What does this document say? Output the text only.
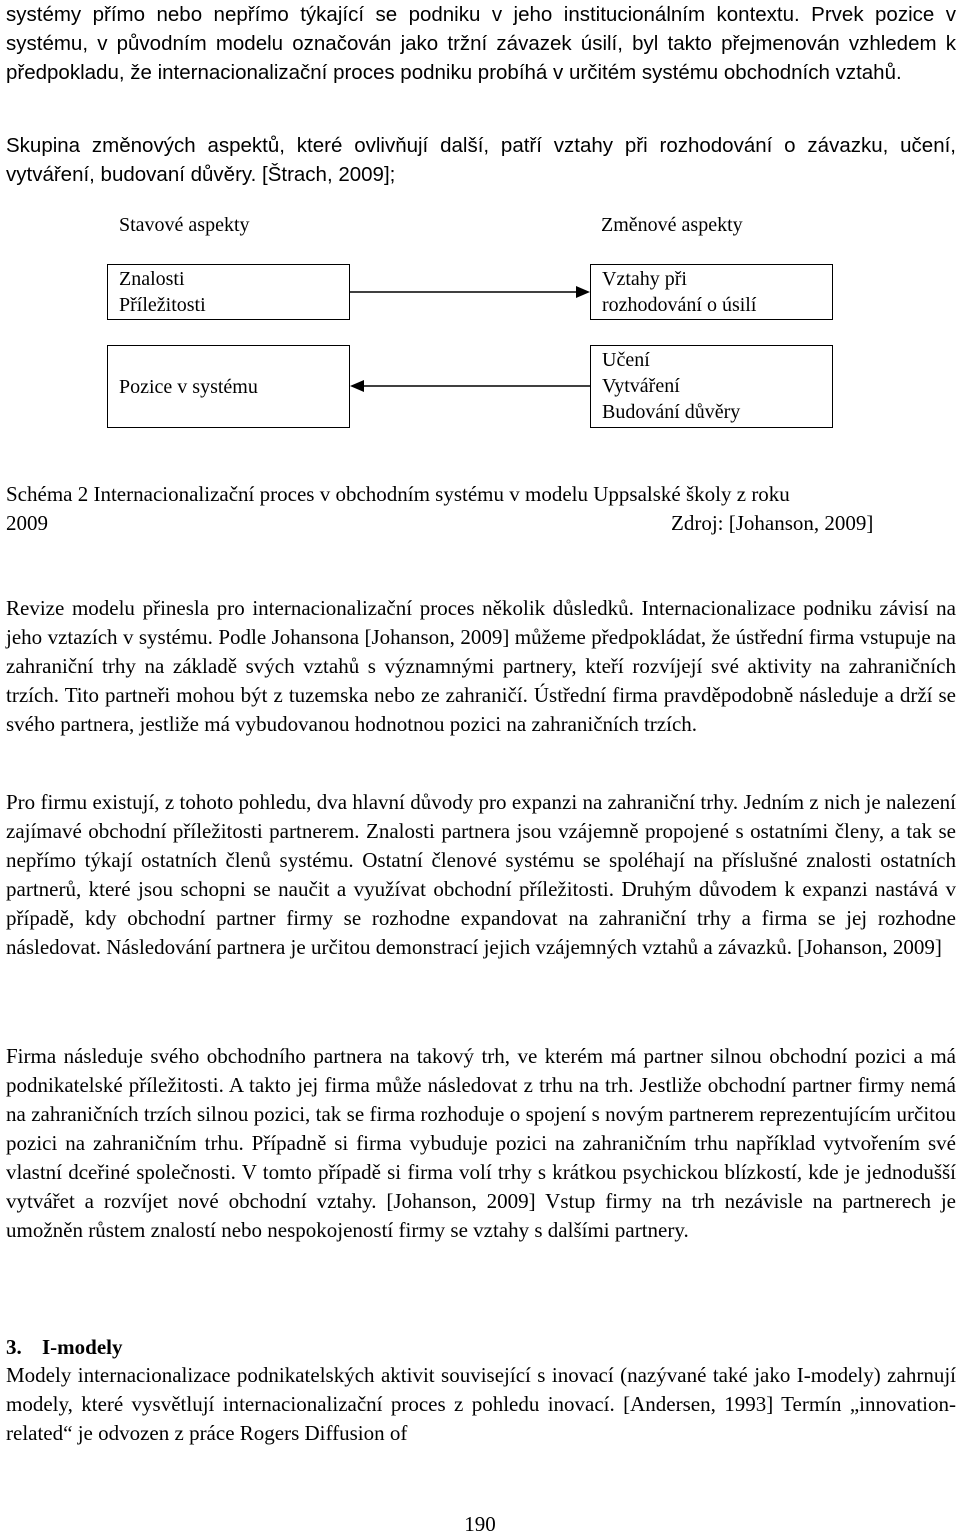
systémy přímo nebo nepřímo týkající se podniku v jeho institucionálním kontextu. Prvek pozice v systému, v původním modelu označován jako tržní závazek úsilí, byl takto přejmenován vzhledem k předpokladu, že internacionalizační proces podniku probíhá v určitém systému obchodních vztahů.

Skupina změnových aspektů, které ovlivňují další, patří vztahy při rozhodování o závazku, učení, vytváření, budovaní důvěry. [Štrach, 2009];

Stavové aspekty	Změnové aspekty
Znalosti
Příležitosti
Pozice v systému
Vztahy při
rozhodování o úsilí
Učení
Vytváření
Budování důvěry
Schéma 2 Internacionalizační proces v obchodním systému v modelu Uppsalské školy z roku
2009	Zdroj: [Johanson, 2009]

Revize modelu přinesla pro internacionalizační proces několik důsledků. Internacionalizace podniku závisí na jeho vztazích v systému. Podle Johansona [Johanson, 2009] můžeme předpokládat, že ústřední firma vstupuje na zahraniční trhy na základě svých vztahů s významnými partnery, kteří rozvíjejí své aktivity na zahraničních trzích. Tito partneři mohou být z tuzemska nebo ze zahraničí. Ústřední firma pravděpodobně následuje a drží se svého partnera, jestliže má vybudovanou hodnotnou pozici na zahraničních trzích.

Pro firmu existují, z tohoto pohledu, dva hlavní důvody pro expanzi na zahraniční trhy. Jedním z nich je nalezení zajímavé obchodní příležitosti partnerem. Znalosti partnera jsou vzájemně propojené s ostatními členy, a tak se nepřímo týkají ostatních členů systému. Ostatní členové systému se spoléhají na příslušné znalosti ostatních partnerů, které jsou schopni se naučit a využívat obchodní příležitosti. Druhým důvodem k expanzi nastává v případě, kdy obchodní partner firmy se rozhodne expandovat na zahraniční trhy a firma se jej rozhodne následovat. Následování partnera je určitou demonstrací jejich vzájemných vztahů a závazků. [Johanson, 2009]

Firma následuje svého obchodního partnera na takový trh, ve kterém má partner silnou obchodní pozici a má podnikatelské příležitosti. A takto jej firma může následovat z trhu na trh. Jestliže obchodní partner firmy nemá na zahraničních trzích silnou pozici, tak se firma rozhoduje o spojení s novým partnerem reprezentujícím určitou pozici na zahraničním trhu. Případně si firma vybuduje pozici na zahraničním trhu například vytvořením své vlastní dceřiné společnosti. V tomto případě si firma volí trhy s krátkou psychickou blízkostí, kde je jednodušší vytvářet a rozvíjet nové obchodní vztahy. [Johanson, 2009] Vstup firmy na trh nezávisle na partnerech je umožněn růstem znalostí nebo nespokojeností firmy se vztahy s dalšími partnery.

3. I-modely

Modely internacionalizace podnikatelských aktivit související s inovací (nazývané také jako I-modely) zahrnují modely, které vysvětlují internacionalizační proces z pohledu inovací. [Andersen, 1993] Termín „innovation-related“ je odvozen z práce Rogers Diffusion of

190
